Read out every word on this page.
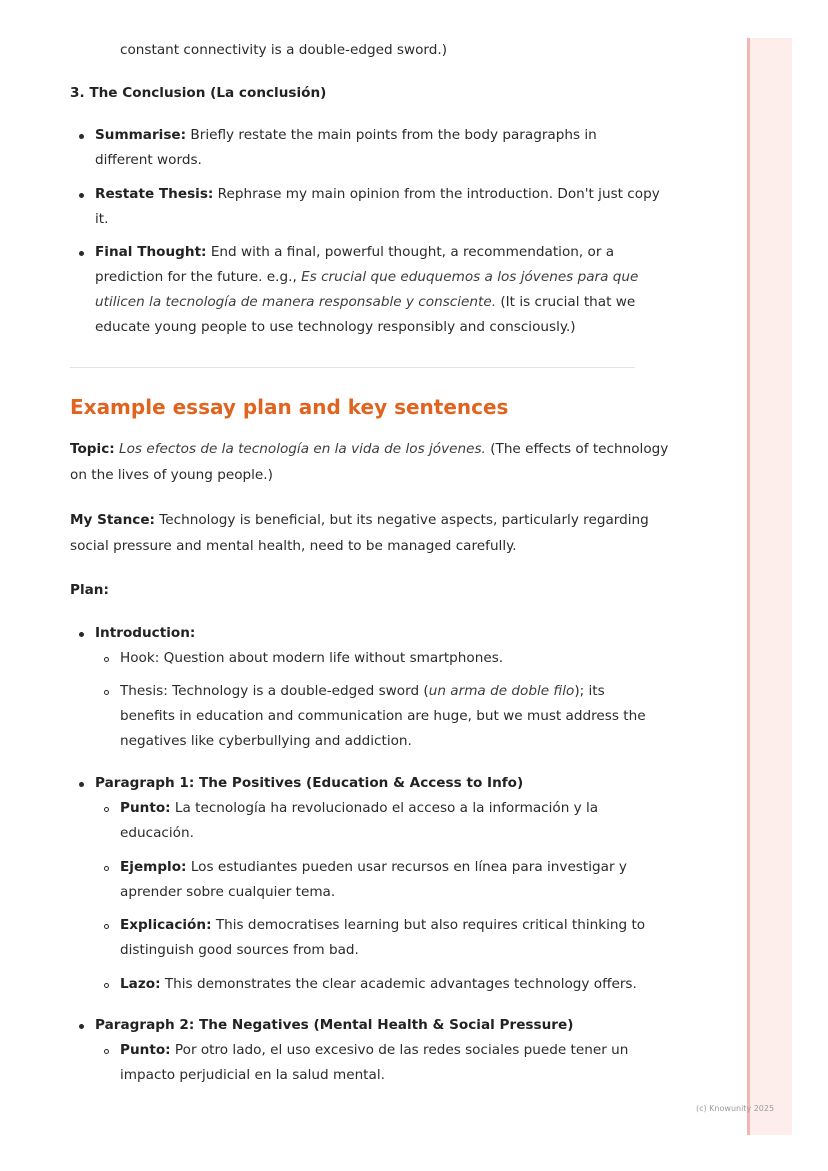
constant connectivity is a double-edged sword.)
3. The Conclusion (La conclusión)
Summarise: Briefly restate the main points from the body paragraphs in
different words.
Restate Thesis: Rephrase my main opinion from the introduction. Don't just copy
it.
Final Thought: End with a final, powerful thought, a recommendation, or a
prediction for the future. e.g., Es crucial que eduquemos a los jóvenes para que
utilicen la tecnología de manera responsable y consciente. (It is crucial that we
educate young people to use technology responsibly and consciously.)
Example essay plan and key sentences
Topic: Los efectos de la tecnología en la vida de los jóvenes. (The effects of technology
on the lives of young people.)
My Stance: Technology is beneficial, but its negative aspects, particularly regarding
social pressure and mental health, need to be managed carefully.
Plan:
Introduction:
Hook: Question about modern life without smartphones.
Thesis: Technology is a double-edged sword (un arma de doble filo); its
benefits in education and communication are huge, but we must address the
negatives like cyberbullying and addiction.
Paragraph 1: The Positives (Education & Access to Info)
Punto: La tecnología ha revolucionado el acceso a la información y la
educación.
Ejemplo: Los estudiantes pueden usar recursos en línea para investigar y
aprender sobre cualquier tema.
Explicación: This democratises learning but also requires critical thinking to
distinguish good sources from bad.
Lazo: This demonstrates the clear academic advantages technology offers.
Paragraph 2: The Negatives (Mental Health & Social Pressure)
Punto: Por otro lado, el uso excesivo de las redes sociales puede tener un
impacto perjudicial en la salud mental.
(c) Knowunity 2025
